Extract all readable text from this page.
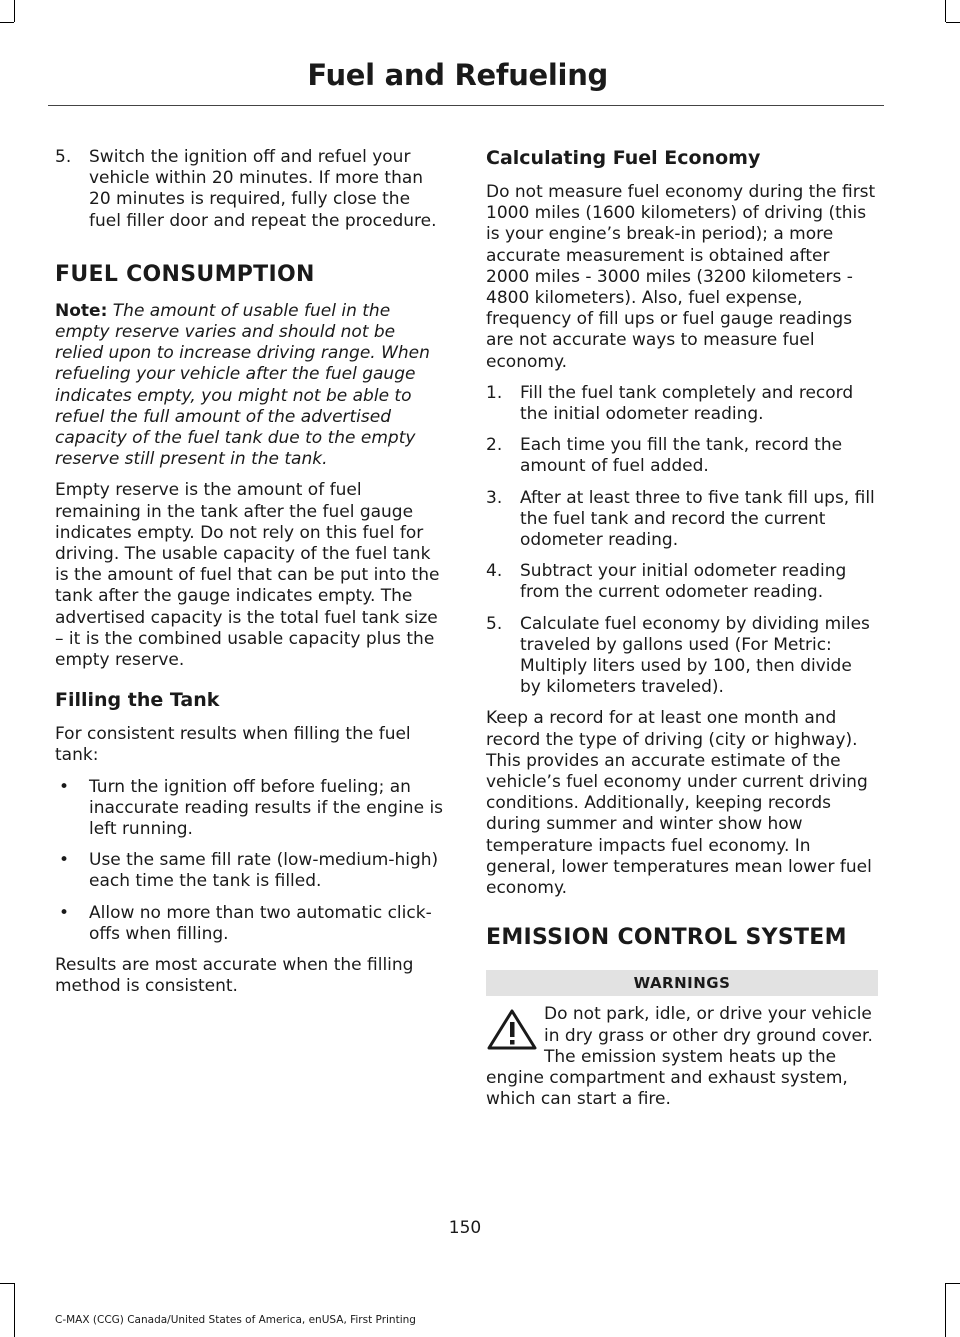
Fuel and Refueling
5. Switch the ignition off and refuel your vehicle within 20 minutes. If more than 20 minutes is required, fully close the fuel filler door and repeat the procedure.
FUEL CONSUMPTION

Note: The amount of usable fuel in the empty reserve varies and should not be relied upon to increase driving range. When refueling your vehicle after the fuel gauge indicates empty, you might not be able to refuel the full amount of the advertised capacity of the fuel tank due to the empty reserve still present in the tank.

Empty reserve is the amount of fuel remaining in the tank after the fuel gauge indicates empty. Do not rely on this fuel for driving. The usable capacity of the fuel tank is the amount of fuel that can be put into the tank after the gauge indicates empty. The advertised capacity is the total fuel tank size – it is the combined usable capacity plus the empty reserve.

Filling the Tank

For consistent results when filling the fuel tank:

• Turn the ignition off before fueling; an inaccurate reading results if the engine is left running.
• Use the same fill rate (low-medium-high) each time the tank is filled.
• Allow no more than two automatic click-offs when filling.

Results are most accurate when the filling method is consistent.

Calculating Fuel Economy

Do not measure fuel economy during the first 1000 miles (1600 kilometers) of driving (this is your engine’s break-in period); a more accurate measurement is obtained after 2000 miles - 3000 miles (3200 kilometers - 4800 kilometers). Also, fuel expense, frequency of fill ups or fuel gauge readings are not accurate ways to measure fuel economy.

1. Fill the fuel tank completely and record the initial odometer reading.
2. Each time you fill the tank, record the amount of fuel added.
3. After at least three to five tank fill ups, fill the fuel tank and record the current odometer reading.
4. Subtract your initial odometer reading from the current odometer reading.
5. Calculate fuel economy by dividing miles traveled by gallons used (For Metric: Multiply liters used by 100, then divide by kilometers traveled).

Keep a record for at least one month and record the type of driving (city or highway). This provides an accurate estimate of the vehicle’s fuel economy under current driving conditions. Additionally, keeping records during summer and winter show how temperature impacts fuel economy. In general, lower temperatures mean lower fuel economy.

EMISSION CONTROL SYSTEM
WARNINGS
Do not park, idle, or drive your vehicle in dry grass or other dry ground cover. The emission system heats up the engine compartment and exhaust system, which can start a fire.
150
C-MAX (CCG) Canada/United States of America, enUSA, First Printing
